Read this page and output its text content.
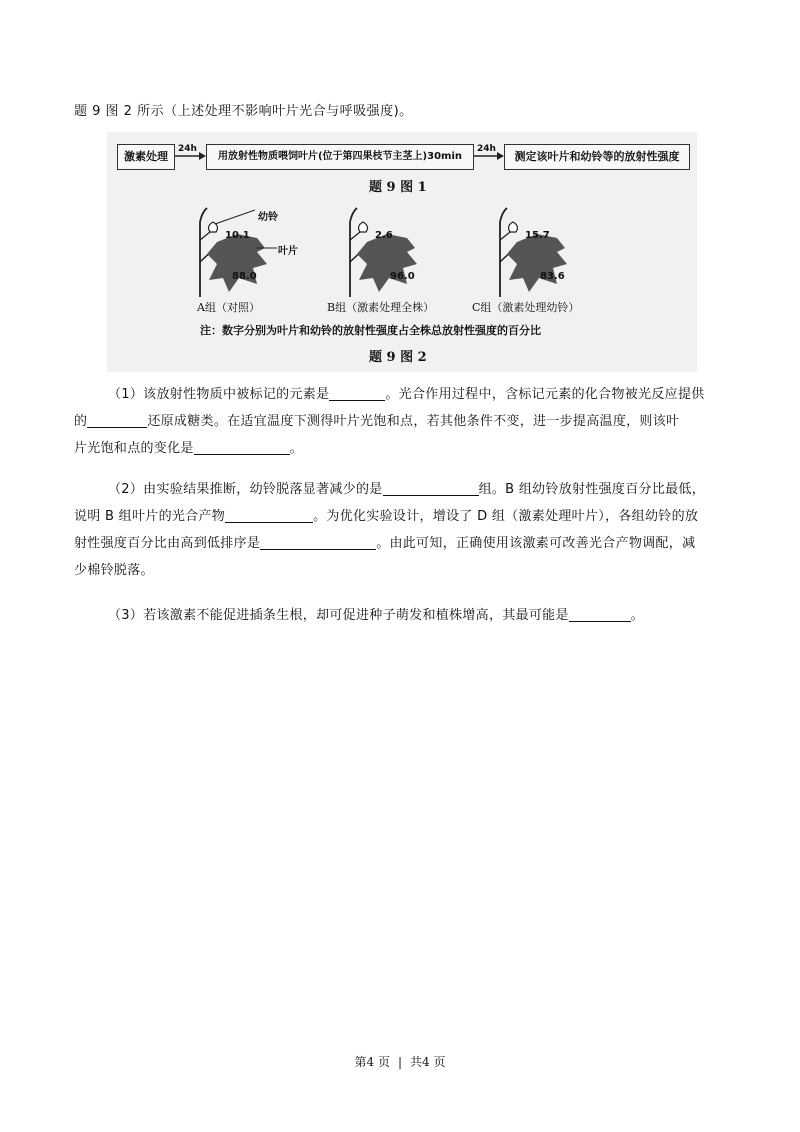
题 9 图 2 所示（上述处理不影响叶片光合与呼吸强度)。
激素处理
24h
用放射性物质喂饲叶片(位于第四果枝节主茎上)30min
24h
测定该叶片和幼铃等的放射性强度
题 9 图 1
幼铃
叶片
10.1
88.0
2.6
96.0
15.7
83.6
A组（对照）	B组（激素处理全株）	C组（激素处理幼铃）
注：数字分别为叶片和幼铃的放射性强度占全株总放射性强度的百分比
题 9 图 2
（1）该放射性物质中被标记的元素是	。光合作用过程中，含标记元素的化合物被光反应提供
的	还原成糖类。在适宜温度下测得叶片光饱和点，若其他条件不变，进一步提高温度，则该叶
片光饱和点的变化是	。
（2）由实验结果推断，幼铃脱落显著减少的是	组。B 组幼铃放射性强度百分比最低，
说明 B 组叶片的光合产物	。为优化实验设计，增设了 D 组（激素处理叶片），各组幼铃的放
射性强度百分比由高到低排序是	。由此可知，正确使用该激素可改善光合产物调配，减
少棉铃脱落。
（3）若该激素不能促进插条生根，却可促进种子萌发和植株增高，其最可能是	。
第4 页 | 共4 页
